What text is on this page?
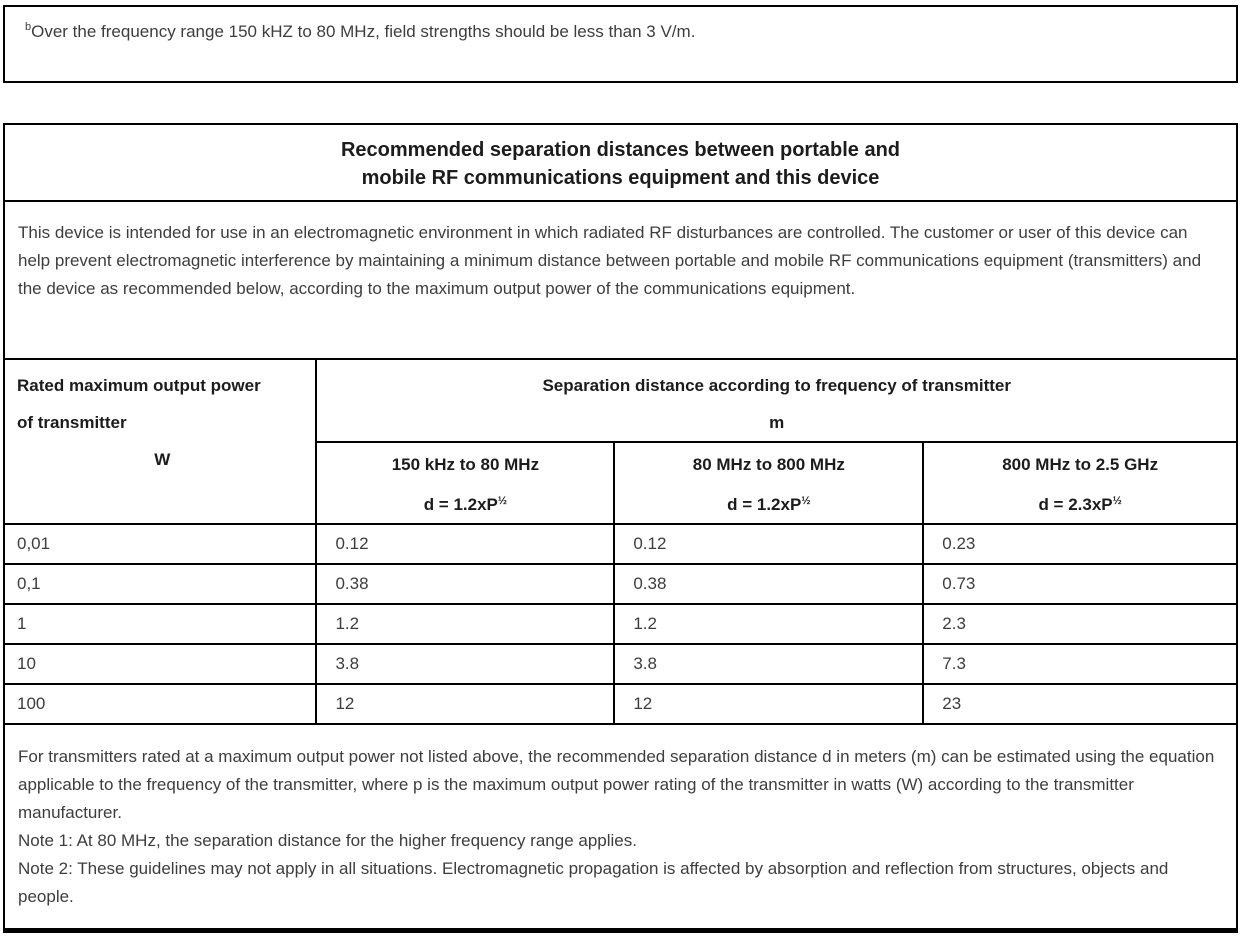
$^b$Over the frequency range 150 kHZ to 80 MHz, field strengths should be less than 3 V/m.
Recommended separation distances between portable and
mobile RF communications equipment and this device
This device is intended for use in an electromagnetic environment in which radiated RF disturbances are controlled. The customer or user of this device can help prevent electromagnetic interference by maintaining a minimum distance between portable and mobile RF communications equipment (transmitters) and the device as recommended below, according to the maximum output power of the communications equipment.
Rated maximum output power
of transmitter
W

Separation distance according to frequency of transmitter
m

150 kHz to 80 MHz
$d = 1.2xP^{\frac{1}{2}}$

80 MHz to 800 MHz
$d = 1.2xP^{\frac{1}{2}}$

800 MHz to 2.5 GHz
$d = 2.3xP^{\frac{1}{2}}$

0,01	0.12	0.12	0.23
0,1	0.38	0.38	0.73
1	1.2	1.2	2.3
10	3.8	3.8	7.3
100	12	12	23
For transmitters rated at a maximum output power not listed above, the recommended separation distance d in meters (m) can be estimated using the equation applicable to the frequency of the transmitter, where p is the maximum output power rating of the transmitter in watts (W) according to the transmitter manufacturer.
Note 1: At 80 MHz, the separation distance for the higher frequency range applies.
Note 2: These guidelines may not apply in all situations. Electromagnetic propagation is affected by absorption and reflection from structures, objects and people.
